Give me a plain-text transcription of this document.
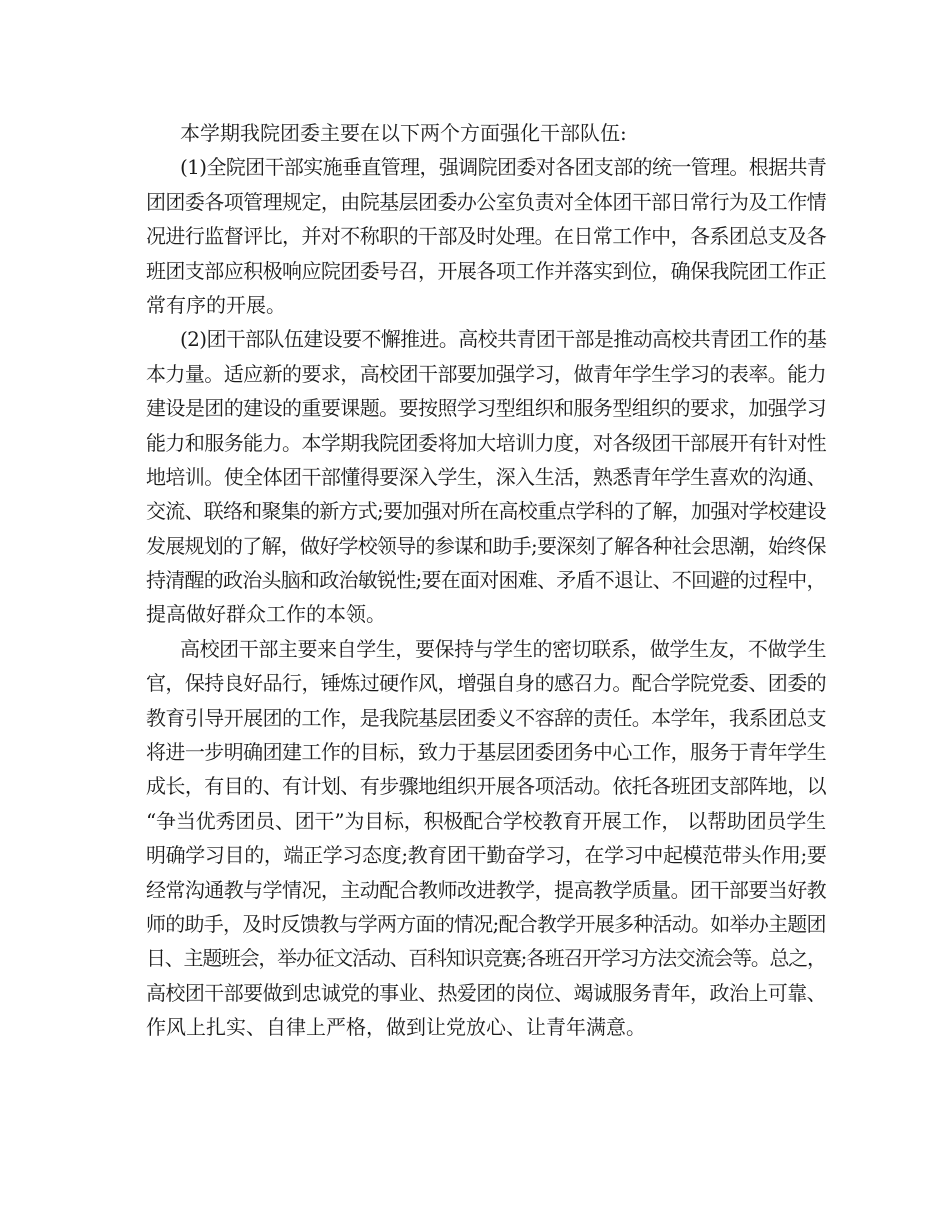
本学期我院团委主要在以下两个方面强化干部队伍:
(1)全院团干部实施垂直管理，强调院团委对各团支部的统一管理。根据共青
团团委各项管理规定，由院基层团委办公室负责对全体团干部日常行为及工作情
况进行监督评比，并对不称职的干部及时处理。在日常工作中，各系团总支及各
班团支部应积极响应院团委号召，开展各项工作并落实到位，确保我院团工作正
常有序的开展。
(2)团干部队伍建设要不懈推进。高校共青团干部是推动高校共青团工作的基
本力量。适应新的要求，高校团干部要加强学习，做青年学生学习的表率。能力
建设是团的建设的重要课题。要按照学习型组织和服务型组织的要求，加强学习
能力和服务能力。本学期我院团委将加大培训力度，对各级团干部展开有针对性
地培训。使全体团干部懂得要深入学生，深入生活，熟悉青年学生喜欢的沟通、
交流、联络和聚集的新方式;要加强对所在高校重点学科的了解，加强对学校建设
发展规划的了解，做好学校领导的参谋和助手;要深刻了解各种社会思潮，始终保
持清醒的政治头脑和政治敏锐性;要在面对困难、矛盾不退让、不回避的过程中，
提高做好群众工作的本领。
高校团干部主要来自学生，要保持与学生的密切联系，做学生友，不做学生
官，保持良好品行，锤炼过硬作风，增强自身的感召力。配合学院党委、团委的
教育引导开展团的工作，是我院基层团委义不容辞的责任。本学年，我系团总支
将进一步明确团建工作的目标，致力于基层团委团务中心工作，服务于青年学生
成长，有目的、有计划、有步骤地组织开展各项活动。依托各班团支部阵地，以
“争当优秀团员、团干”为目标，积极配合学校教育开展工作， 以帮助团员学生
明确学习目的，端正学习态度;教育团干勤奋学习，在学习中起模范带头作用;要
经常沟通教与学情况，主动配合教师改进教学，提高教学质量。团干部要当好教
师的助手，及时反馈教与学两方面的情况;配合教学开展多种活动。如举办主题团
日、主题班会，举办征文活动、百科知识竞赛;各班召开学习方法交流会等。总之，
高校团干部要做到忠诚党的事业、热爱团的岗位、竭诚服务青年，政治上可靠、
作风上扎实、自律上严格，做到让党放心、让青年满意。
